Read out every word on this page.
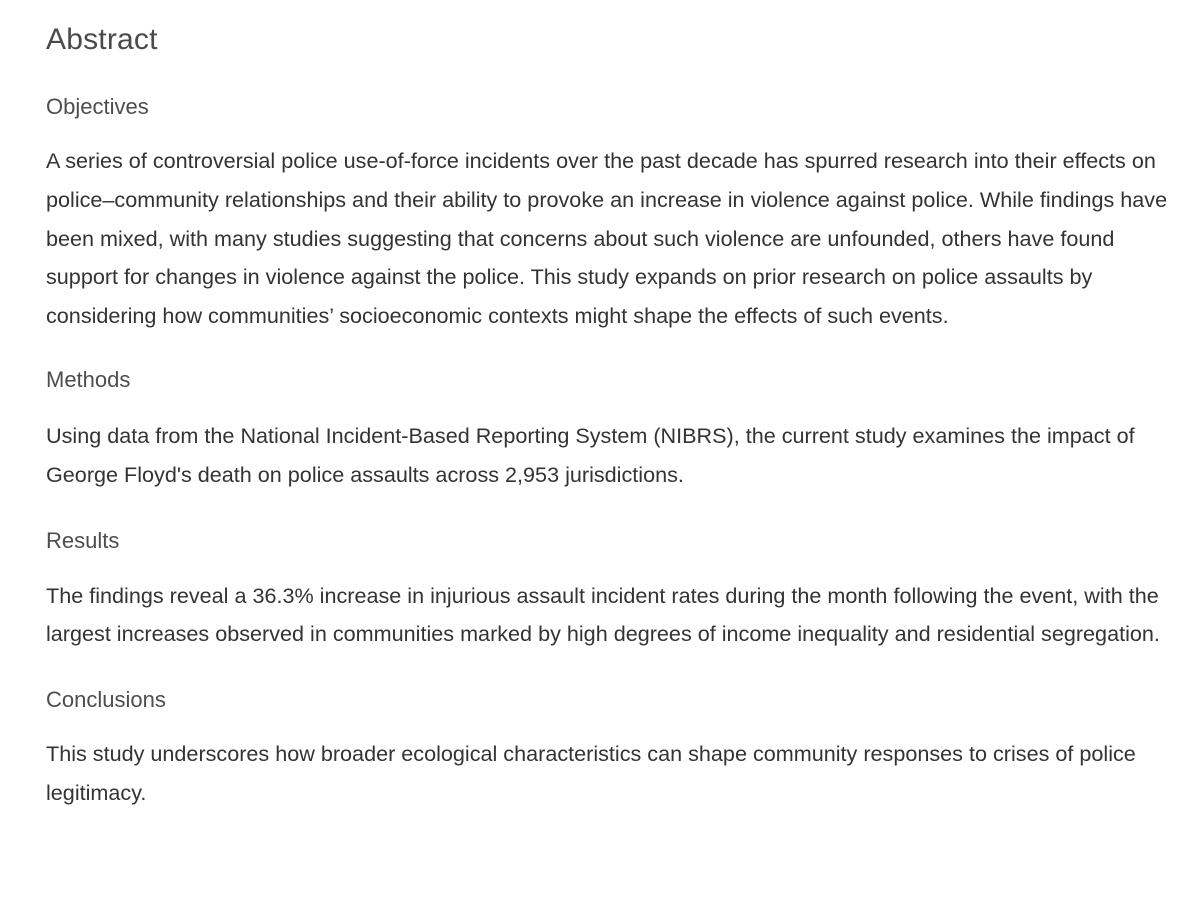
Abstract
Objectives

A series of controversial police use-of-force incidents over the past decade has spurred research into their effects on police–community relationships and their ability to provoke an increase in violence against police. While findings have been mixed, with many studies suggesting that concerns about such violence are unfounded, others have found support for changes in violence against the police. This study expands on prior research on police assaults by considering how communities’ socioeconomic contexts might shape the effects of such events.

Methods

Using data from the National Incident-Based Reporting System (NIBRS), the current study examines the impact of George Floyd's death on police assaults across 2,953 jurisdictions.

Results

The findings reveal a 36.3% increase in injurious assault incident rates during the month following the event, with the largest increases observed in communities marked by high degrees of income inequality and residential segregation.

Conclusions

This study underscores how broader ecological characteristics can shape community responses to crises of police legitimacy.
